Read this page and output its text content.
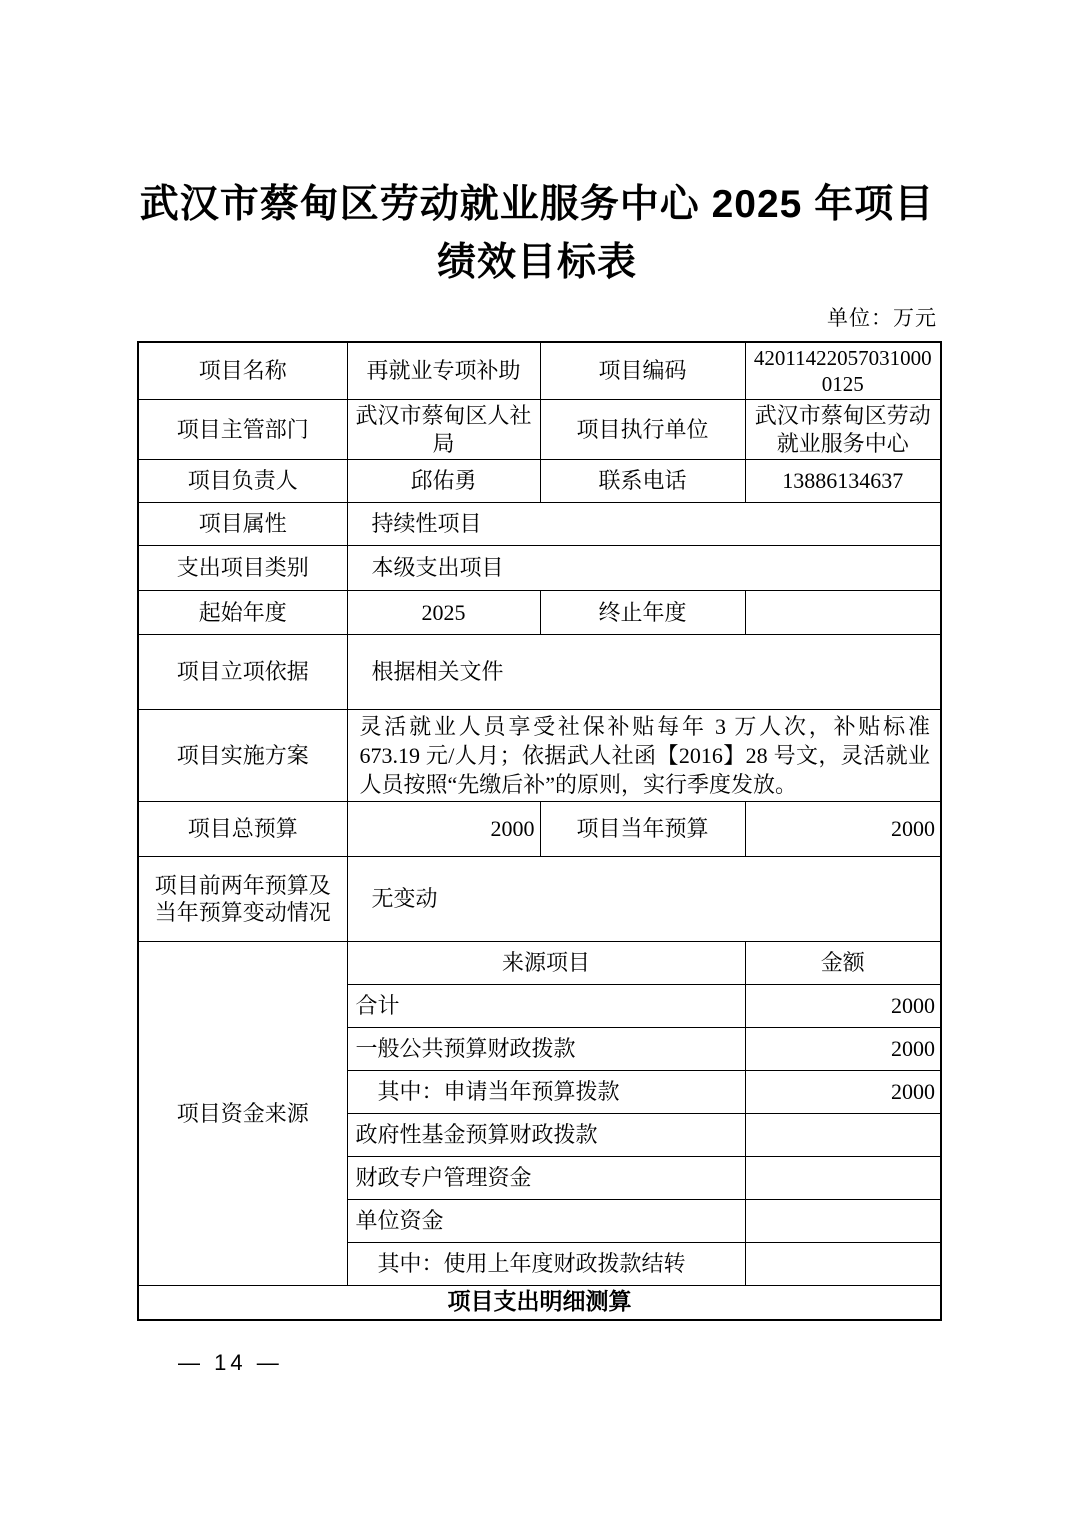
武汉市蔡甸区劳动就业服务中心 2025 年项目
绩效目标表
单位：万元
项目名称	再就业专项补助	项目编码	420114220570310000125
项目主管部门	武汉市蔡甸区人社局	项目执行单位	武汉市蔡甸区劳动就业服务中心
项目负责人	邱佑勇	联系电话	13886134637
项目属性	持续性项目		
支出项目类别	本级支出项目		
起始年度	2025	终止年度	
项目立项依据	根据相关文件		
项目实施方案	灵活就业人员享受社保补贴每年 3 万人次，补贴标准 673.19 元/人月；依据武人社函【2016】28 号文，灵活就业人员按照“先缴后补”的原则，实行季度发放。		
项目总预算	2000	项目当年预算	2000
项目前两年预算及当年预算变动情况	无变动		
项目资金来源	来源项目		金额
	合计		2000
	一般公共预算财政拨款		2000
	其中：申请当年预算拨款		2000
	政府性基金预算财政拨款		
	财政专户管理资金		
	单位资金		
	其中：使用上年度财政拨款结转		
项目支出明细测算			
— 14 —
